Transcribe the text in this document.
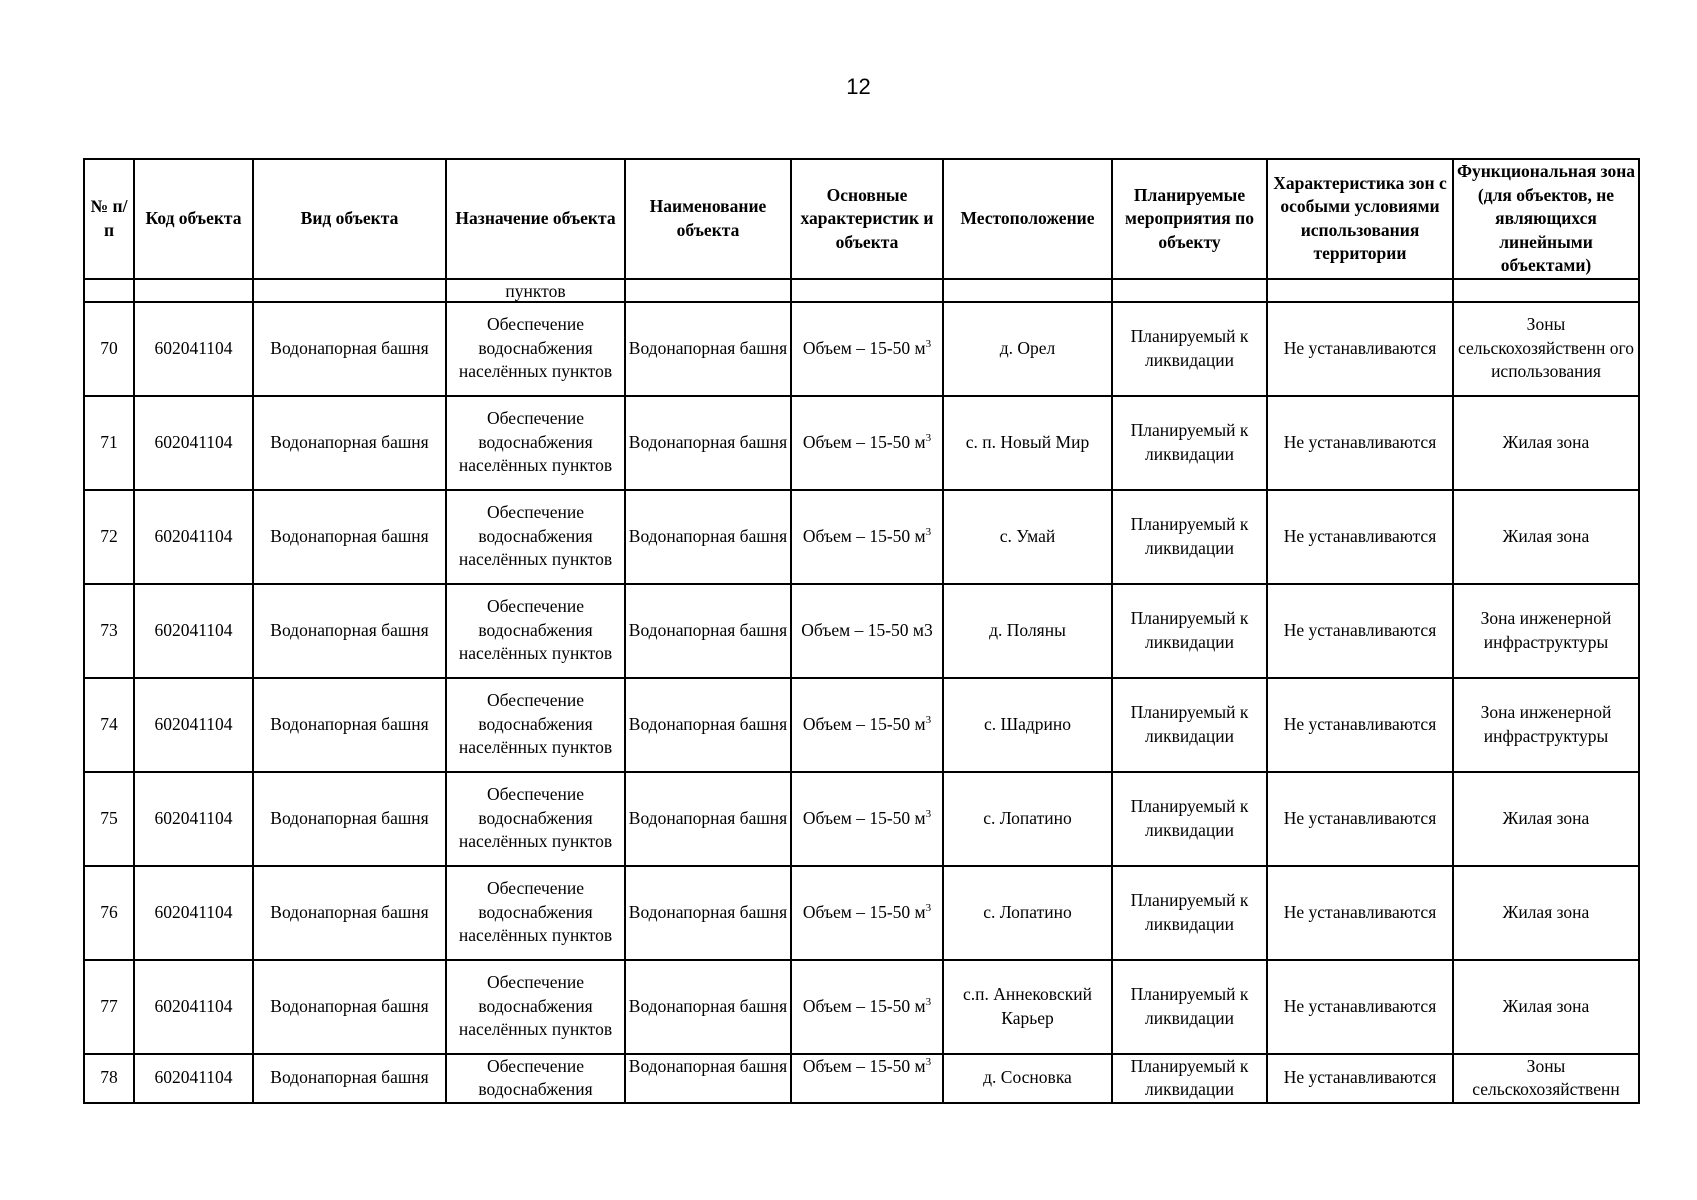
12
№ п/п	Код объекта	Вид объекта	Назначение объекта	Наименование объекта	Основные характеристик и объекта	Местоположение	Планируемые мероприятия по объекту	Характеристика зон с особыми условиями использования территории	Функциональная зона (для объектов, не являющихся линейными объектами)
			пунктов						
70	602041104	Водонапорная башня	Обеспечение водоснабжения населённых пунктов	Водонапорная башня	Объем – 15-50 $м^3$	д. Орел	Планируемый к ликвидации	Не устанавливаются	Зоны сельскохозяйственн ого использования
71	602041104	Водонапорная башня	Обеспечение водоснабжения населённых пунктов	Водонапорная башня	Объем – 15-50 $м^3$	с. п. Новый Мир	Планируемый к ликвидации	Не устанавливаются	Жилая зона
72	602041104	Водонапорная башня	Обеспечение водоснабжения населённых пунктов	Водонапорная башня	Объем – 15-50 $м^3$	с. Умай	Планируемый к ликвидации	Не устанавливаются	Жилая зона
73	602041104	Водонапорная башня	Обеспечение водоснабжения населённых пунктов	Водонапорная башня	Объем – 15-50 м3	д. Поляны	Планируемый к ликвидации	Не устанавливаются	Зона инженерной инфраструктуры
74	602041104	Водонапорная башня	Обеспечение водоснабжения населённых пунктов	Водонапорная башня	Объем – 15-50 $м^3$	с. Шадрино	Планируемый к ликвидации	Не устанавливаются	Зона инженерной инфраструктуры
75	602041104	Водонапорная башня	Обеспечение водоснабжения населённых пунктов	Водонапорная башня	Объем – 15-50 $м^3$	с. Лопатино	Планируемый к ликвидации	Не устанавливаются	Жилая зона
76	602041104	Водонапорная башня	Обеспечение водоснабжения населённых пунктов	Водонапорная башня	Объем – 15-50 $м^3$	с. Лопатино	Планируемый к ликвидации	Не устанавливаются	Жилая зона
77	602041104	Водонапорная башня	Обеспечение водоснабжения населённых пунктов	Водонапорная башня	Объем – 15-50 $м^3$	с.п. Аннековский Карьер	Планируемый к ликвидации	Не устанавливаются	Жилая зона
78	602041104	Водонапорная башня	Обеспечение водоснабжения	Водонапорная башня	Объем – 15-50 $м^3$	д. Сосновка	Планируемый к ликвидации	Не устанавливаются	Зоны сельскохозяйственн
